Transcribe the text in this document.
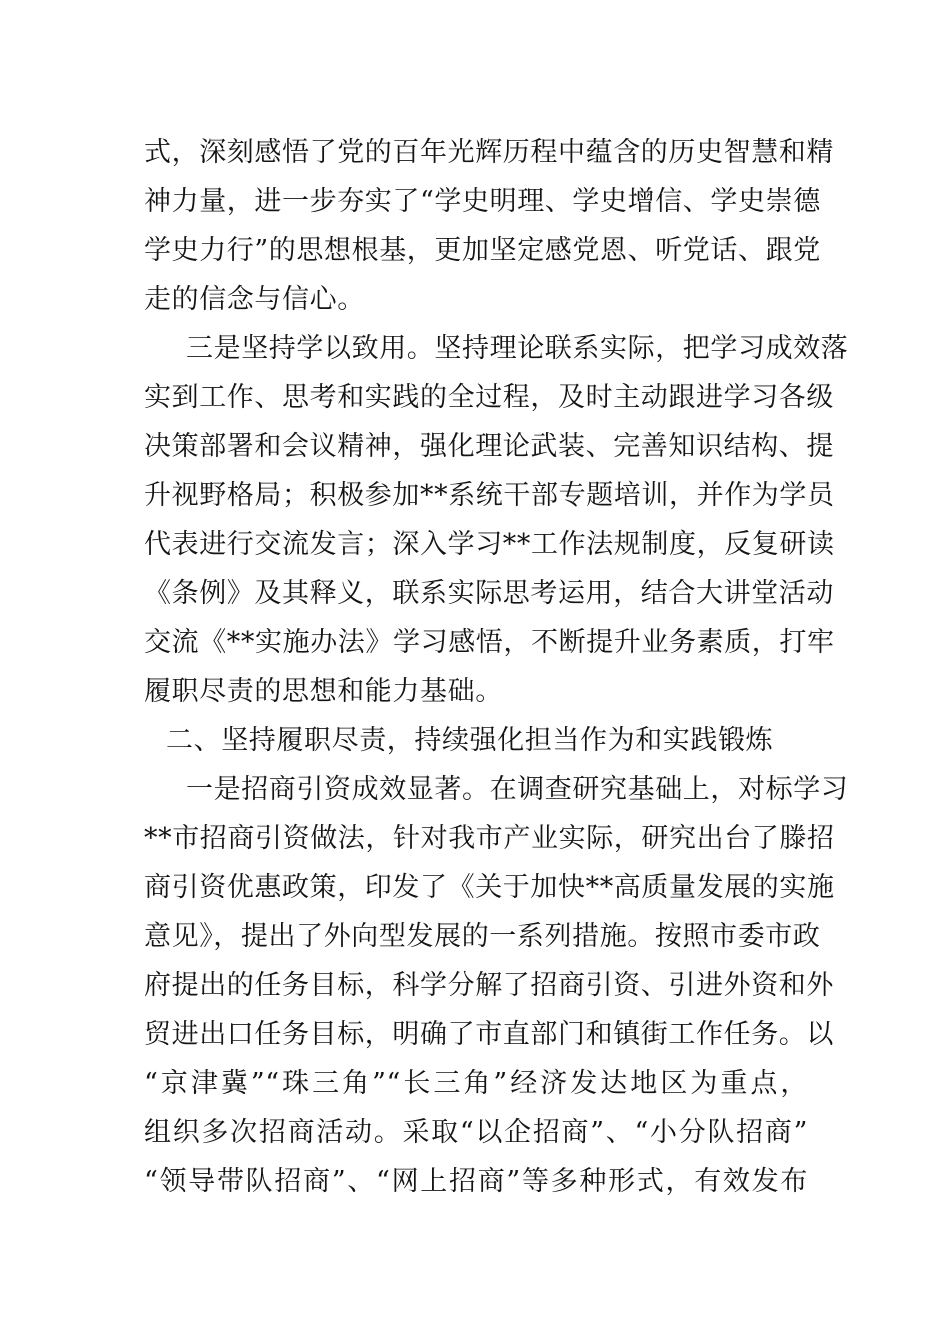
式，深刻感悟了党的百年光辉历程中蕴含的历史智慧和精
神力量，进一步夯实了“学史明理、学史增信、学史崇德
学史力行”的思想根基，更加坚定感党恩、听党话、跟党
走的信念与信心。
三是坚持学以致用。坚持理论联系实际，把学习成效落
实到工作、思考和实践的全过程，及时主动跟进学习各级
决策部署和会议精神，强化理论武装、完善知识结构、提
升视野格局；积极参加**系统干部专题培训，并作为学员
代表进行交流发言；深入学习**工作法规制度，反复研读
《条例》及其释义，联系实际思考运用，结合大讲堂活动
交流《**实施办法》学习感悟，不断提升业务素质，打牢
履职尽责的思想和能力基础。
二、坚持履职尽责，持续强化担当作为和实践锻炼
一是招商引资成效显著。在调查研究基础上，对标学习
**市招商引资做法，针对我市产业实际，研究出台了滕招
商引资优惠政策，印发了《关于加快**高质量发展的实施
意见》，提出了外向型发展的一系列措施。按照市委市政
府提出的任务目标，科学分解了招商引资、引进外资和外
贸进出口任务目标，明确了市直部门和镇街工作任务。以
“京津冀”“珠三角”“长三角”经济发达地区为重点，
组织多次招商活动。采取“以企招商”、“小分队招商”
“领导带队招商”、“网上招商”等多种形式，有效发布
